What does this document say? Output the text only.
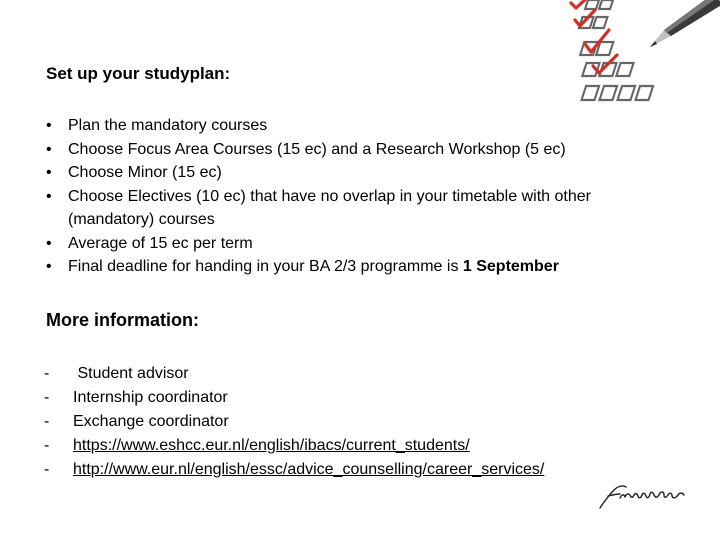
Set up your studyplan:
• Plan the mandatory courses
• Choose Focus Area Courses (15 ec) and a Research Workshop (5 ec)
• Choose Minor (15 ec)
• Choose Electives (10 ec) that have no overlap in your timetable with other (mandatory) courses
• Average of 15 ec per term
• Final deadline for handing in your BA 2/3 programme is 1 September
More information:
- Student advisor
- Internship coordinator
- Exchange coordinator
- https://www.eshcc.eur.nl/english/ibacs/current_students/
- http://www.eur.nl/english/essc/advice_counselling/career_services/
